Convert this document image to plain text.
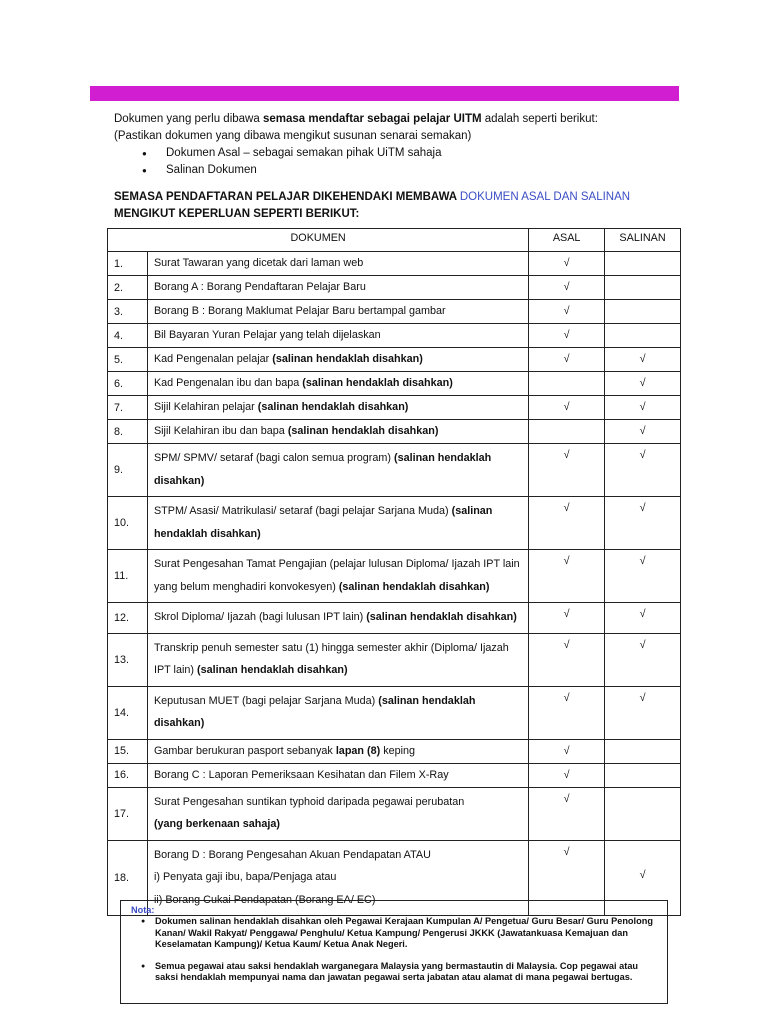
Dokumen yang perlu dibawa semasa mendaftar sebagai pelajar UITM adalah seperti berikut:
(Pastikan dokumen yang dibawa mengikut susunan senarai semakan)
● Dokumen Asal – sebagai semakan pihak UiTM sahaja
● Salinan Dokumen
SEMASA PENDAFTARAN PELAJAR DIKEHENDAKI MEMBAWA DOKUMEN ASAL DAN SALINAN MENGIKUT KEPERLUAN SEPERTI BERIKUT:
DOKUMEN		ASAL	SALINAN
1.	Surat Tawaran yang dicetak dari laman web	√	
2.	Borang A : Borang Pendaftaran Pelajar Baru	√	
3.	Borang B : Borang Maklumat Pelajar Baru bertampal gambar	√	
4.	Bil Bayaran Yuran Pelajar yang telah dijelaskan	√	
5.	Kad Pengenalan pelajar (salinan hendaklah disahkan)	√	√
6.	Kad Pengenalan ibu dan bapa (salinan hendaklah disahkan)		√
7.	Sijil Kelahiran pelajar (salinan hendaklah disahkan)	√	√
8.	Sijil Kelahiran ibu dan bapa (salinan hendaklah disahkan)		√
9.	SPM/ SPMV/ setaraf (bagi calon semua program) (salinan hendaklah disahkan)	√	√
10.	STPM/ Asasi/ Matrikulasi/ setaraf (bagi pelajar Sarjana Muda) (salinan hendaklah disahkan)	√	√
11.	Surat Pengesahan Tamat Pengajian (pelajar lulusan Diploma/ Ijazah IPT lain yang belum menghadiri konvokesyen) (salinan hendaklah disahkan)	√	√
12.	Skrol Diploma/ Ijazah (bagi lulusan IPT lain) (salinan hendaklah disahkan)	√	√
13.	Transkrip penuh semester satu (1) hingga semester akhir (Diploma/ Ijazah IPT lain) (salinan hendaklah disahkan)	√	√
14.	Keputusan MUET (bagi pelajar Sarjana Muda) (salinan hendaklah disahkan)	√	√
15.	Gambar berukuran pasport sebanyak lapan (8) keping	√	
16.	Borang C : Laporan Pemeriksaan Kesihatan dan Filem X-Ray	√	
17.	Surat Pengesahan suntikan typhoid daripada pegawai perubatan
(yang berkenaan sahaja)	√	
18.	Borang D : Borang Pengesahan Akuan Pendapatan ATAU
i) Penyata gaji ibu, bapa/Penjaga atau
ii) Borang Cukai Pendapatan (Borang EA/ EC)	√	√
Nota:
● Dokumen salinan hendaklah disahkan oleh Pegawai Kerajaan Kumpulan A/ Pengetua/ Guru Besar/ Guru Penolong Kanan/ Wakil Rakyat/ Penggawa/ Penghulu/ Ketua Kampung/ Pengerusi JKKK (Jawatankuasa Kemajuan dan Keselamatan Kampung)/ Ketua Kaum/ Ketua Anak Negeri.
● Semua pegawai atau saksi hendaklah warganegara Malaysia yang bermastautin di Malaysia. Cop pegawai atau saksi hendaklah mempunyai nama dan jawatan pegawai serta jabatan atau alamat di mana pegawai bertugas.
